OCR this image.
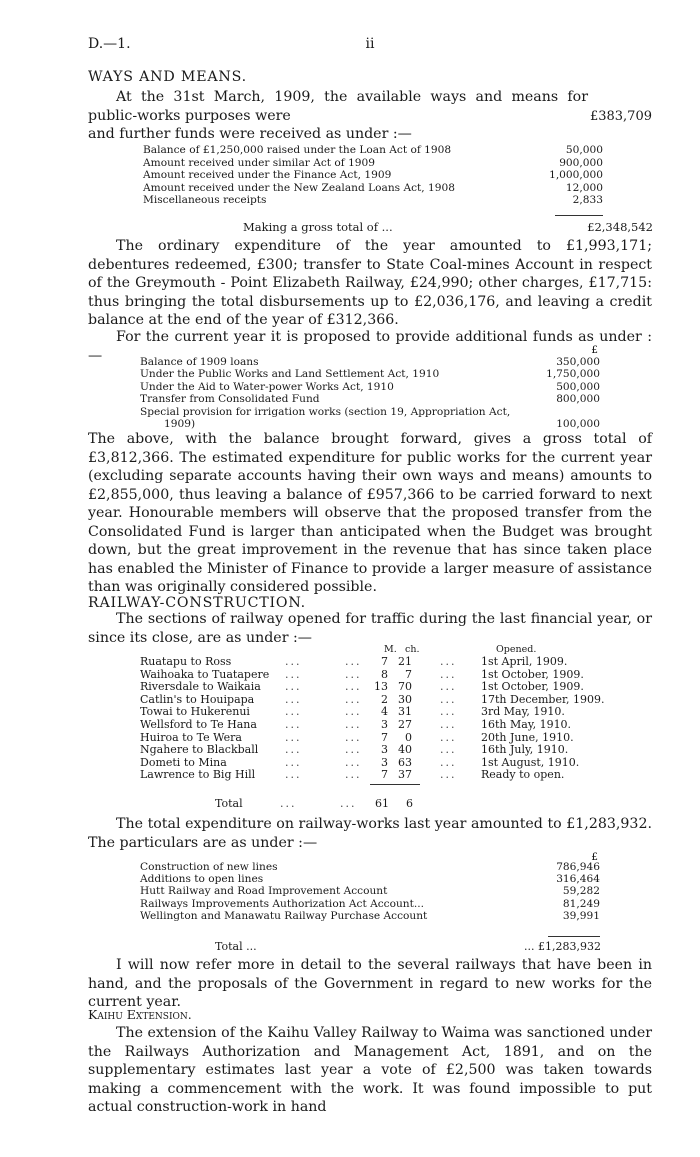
D.—1.	ii
WAYS AND MEANS.
At the 31st March, 1909, the available ways and means for public-works purposes were	£383,709
and further funds were received as under :—
Balance of £1,250,000 raised under the Loan Act of 1908	50,000
Amount received under similar Act of 1909	900,000
Amount received under the Finance Act, 1909	1,000,000
Amount received under the New Zealand Loans Act, 1908	12,000
Miscellaneous receipts	2,833
Making a gross total of ...	£2,348,542
The ordinary expenditure of the year amounted to £1,993,171; debentures redeemed, £300; transfer to State Coal-mines Account in respect of the Greymouth - Point Elizabeth Railway, £24,990; other charges, £17,715: thus bringing the total disbursements up to £2,036,176, and leaving a credit balance at the end of the year of £312,366.
For the current year it is proposed to provide additional funds as under :—	£
Balance of 1909 loans	350,000
Under the Public Works and Land Settlement Act, 1910	1,750,000
Under the Aid to Water-power Works Act, 1910	500,000
Transfer from Consolidated Fund	800,000
Special provision for irrigation works (section 19, Appropriation Act,
1909)	100,000
The above, with the balance brought forward, gives a gross total of £3,812,366. The estimated expenditure for public works for the current year (excluding separate accounts having their own ways and means) amounts to £2,855,000, thus leaving a balance of £957,366 to be carried forward to next year. Honourable members will observe that the proposed transfer from the Consolidated Fund is larger than anticipated when the Budget was brought down, but the great improvement in the revenue that has since taken place has enabled the Minister of Finance to provide a larger measure of assistance than was originally considered possible.
RAILWAY-CONSTRUCTION.
The sections of railway opened for traffic during the last financial year, or since its close, are as under :—
M. ch.	Opened.
Ruatapu to Ross	7 21	1st April, 1909.
...	...	...
Waihoaka to Tuatapere	8	7	1st October, 1909.
...	...	...
Riversdale to Waikaia	13 70	1st October, 1909.
...	...	...
Catlin's to Houipapa	2 30	17th December, 1909.
...	...	...
Towai to Hukerenui	4 31	3rd May, 1910.
...	...	...
Wellsford to Te Hana	3 27	16th May, 1910.
...	...	...
Huiroa to Te Wera	7	0	20th June, 1910.
...	...	...
Ngahere to Blackball	3 40	16th July, 1910.
...	...	...
Dometi to Mina	3 63	1st August, 1910.
...	...	...
Lawrence to Big Hill	7 37	Ready to open.
...	...	...
Total	...	...	61	6
The total expenditure on railway-works last year amounted to £1,283,932. The particulars are as under :—
£
Construction of new lines	786,946
Additions to open lines	316,464
Hutt Railway and Road Improvement Account	59,282
Railways Improvements Authorization Act Account...	81,249
Wellington and Manawatu Railway Purchase Account	39,991
Total ...	... £1,283,932
I will now refer more in detail to the several railways that have been in hand, and the proposals of the Government in regard to new works for the current year.
Kaihu Extension.
The extension of the Kaihu Valley Railway to Waima was sanctioned under the Railways Authorization and Management Act, 1891, and on the supplementary estimates last year a vote of £2,500 was taken towards making a commencement with the work. It was found impossible to put actual construction-work in hand
